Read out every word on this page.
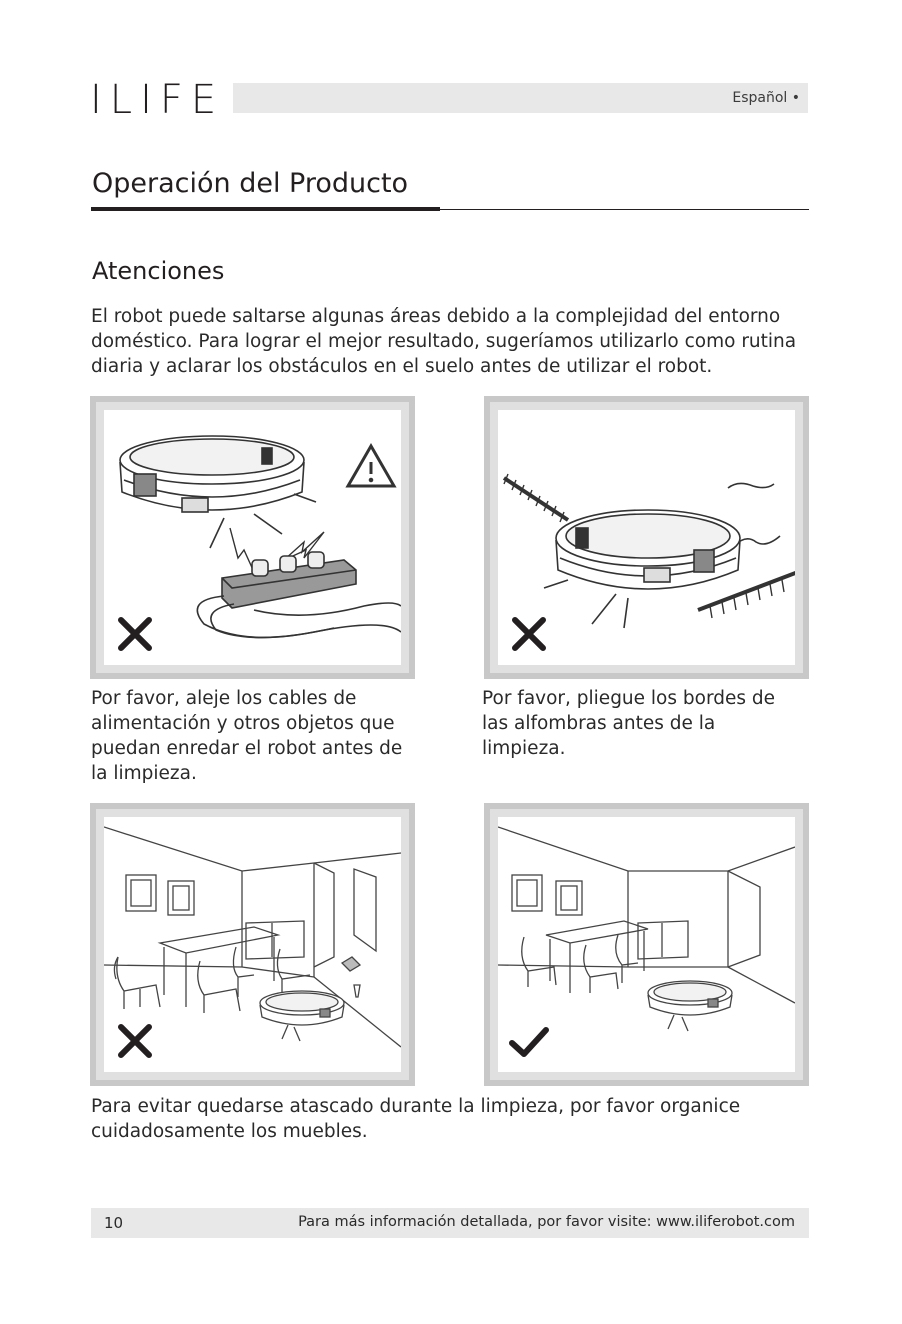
ILIFE	Español •
Operación del Producto
Atenciones
El robot puede saltarse algunas áreas debido a la complejidad del entorno doméstico. Para lograr el mejor resultado, sugeríamos utilizarlo como rutina diaria y aclarar los obstáculos en el suelo antes de utilizar el robot.
Por favor, aleje los cables de alimentación y otros objetos que puedan enredar el robot antes de la limpieza.
Por favor, pliegue los bordes de las alfombras antes de la limpieza.
Para evitar quedarse atascado durante la limpieza, por favor organice cuidadosamente los muebles.
10	Para más información detallada, por favor visite: www.iliferobot.com
